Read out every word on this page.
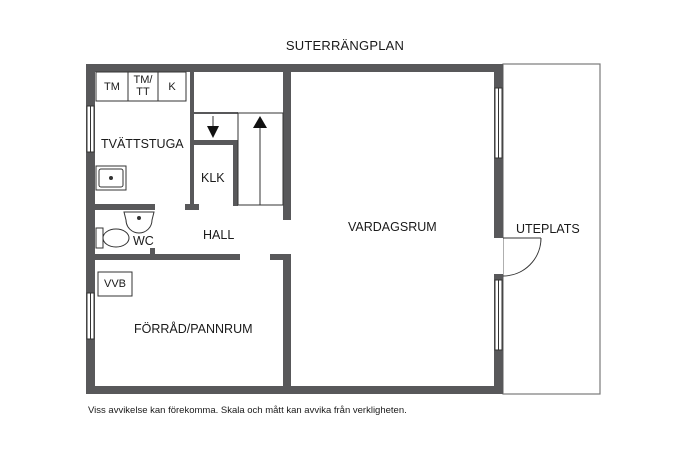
SUTERRÄNGPLAN
TM
TM/
TT	K
VVB
TVÄTTSTUGA
KLK
HALL
WC
VARDAGSRUM
FÖRRÅD/PANNRUM
UTEPLATS
Viss avvikelse kan förekomma. Skala och mått kan avvika från verkligheten.
